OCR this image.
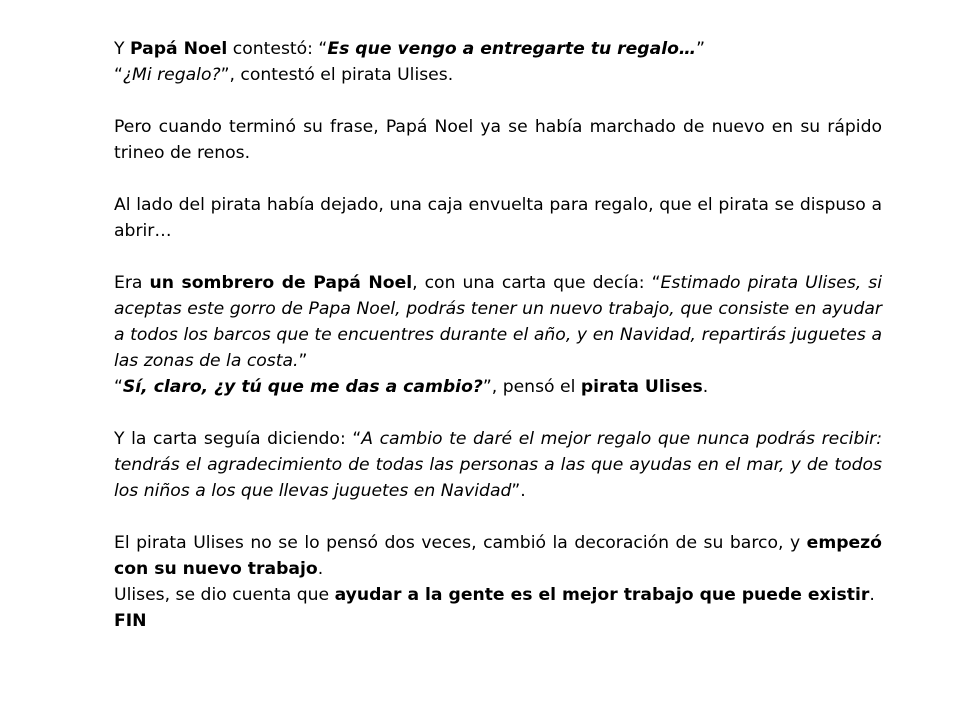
Y Papá Noel contestó: “Es que vengo a entregarte tu regalo…”

“¿Mi regalo?”, contestó el pirata Ulises.

Pero cuando terminó su frase, Papá Noel ya se había marchado de nuevo en su rápido trineo de renos.

Al lado del pirata había dejado, una caja envuelta para regalo, que el pirata se dispuso a abrir…

Era un sombrero de Papá Noel, con una carta que decía: “Estimado pirata Ulises, si aceptas este gorro de Papa Noel, podrás tener un nuevo trabajo, que consiste en ayudar a todos los barcos que te encuentres durante el año, y en Navidad, repartirás juguetes a las zonas de la costa.”

“Sí, claro, ¿y tú que me das a cambio?”, pensó el pirata Ulises.

Y la carta seguía diciendo: “A cambio te daré el mejor regalo que nunca podrás recibir: tendrás el agradecimiento de todas las personas a las que ayudas en el mar, y de todos los niños a los que llevas juguetes en Navidad”.

El pirata Ulises no se lo pensó dos veces, cambió la decoración de su barco, y empezó con su nuevo trabajo.

Ulises, se dio cuenta que ayudar a la gente es el mejor trabajo que puede existir.

FIN
